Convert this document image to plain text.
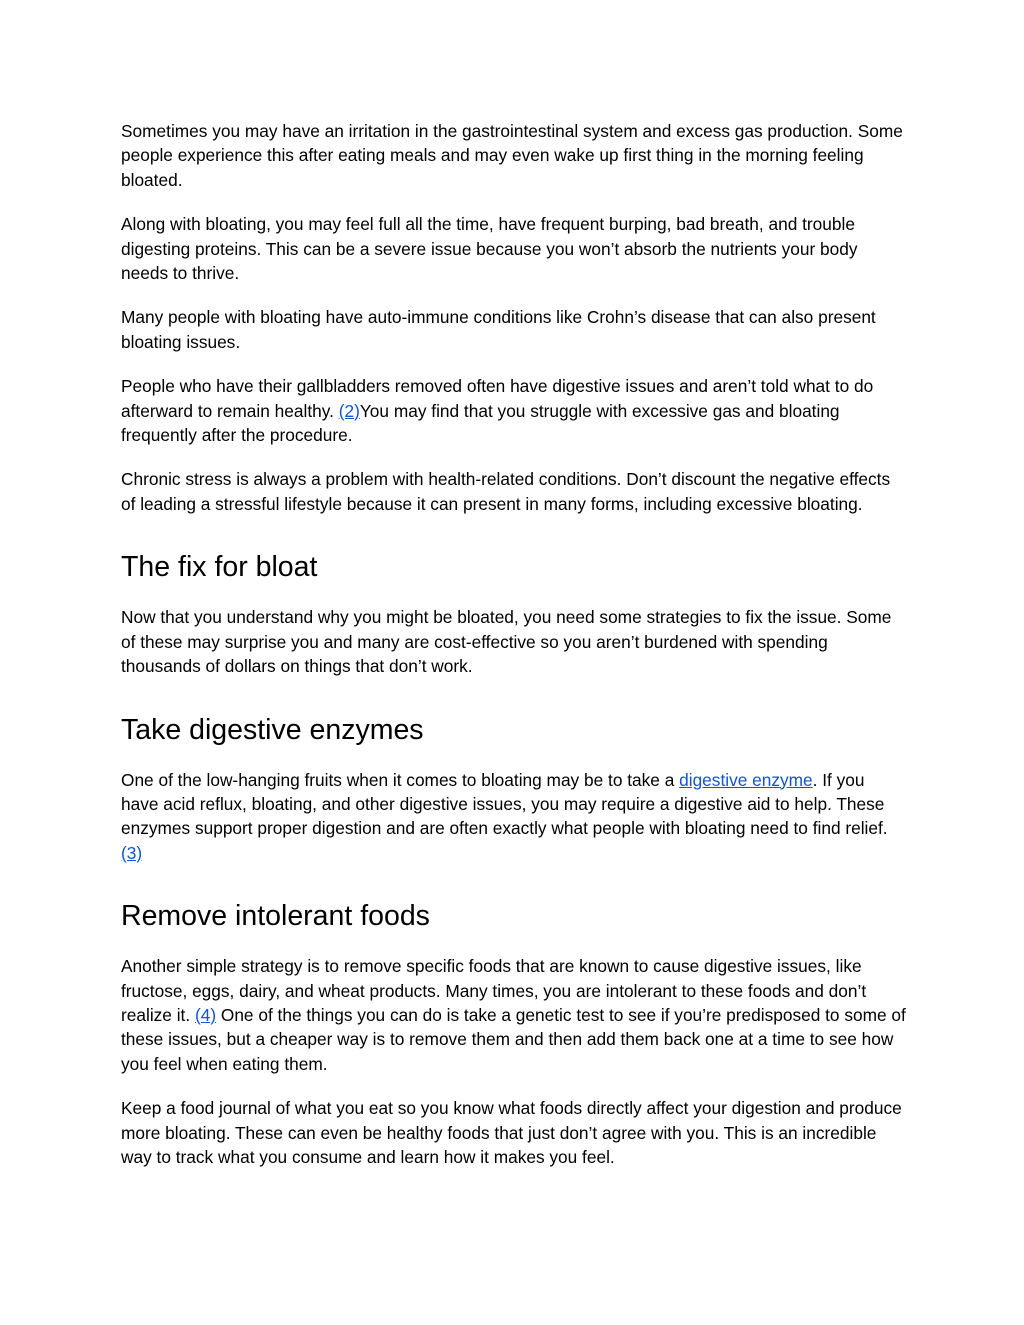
Sometimes you may have an irritation in the gastrointestinal system and excess gas production. Some people experience this after eating meals and may even wake up first thing in the morning feeling bloated.

Along with bloating, you may feel full all the time, have frequent burping, bad breath, and trouble digesting proteins. This can be a severe issue because you won’t absorb the nutrients your body needs to thrive.

Many people with bloating have auto-immune conditions like Crohn’s disease that can also present bloating issues.

People who have their gallbladders removed often have digestive issues and aren’t told what to do afterward to remain healthy. (2)You may find that you struggle with excessive gas and bloating frequently after the procedure.

Chronic stress is always a problem with health-related conditions. Don’t discount the negative effects of leading a stressful lifestyle because it can present in many forms, including excessive bloating.

The fix for bloat

Now that you understand why you might be bloated, you need some strategies to fix the issue. Some of these may surprise you and many are cost-effective so you aren’t burdened with spending thousands of dollars on things that don’t work.

Take digestive enzymes

One of the low-hanging fruits when it comes to bloating may be to take a digestive enzyme. If you have acid reflux, bloating, and other digestive issues, you may require a digestive aid to help. These enzymes support proper digestion and are often exactly what people with bloating need to find relief. (3)

Remove intolerant foods

Another simple strategy is to remove specific foods that are known to cause digestive issues, like fructose, eggs, dairy, and wheat products. Many times, you are intolerant to these foods and don’t realize it. (4) One of the things you can do is take a genetic test to see if you’re predisposed to some of these issues, but a cheaper way is to remove them and then add them back one at a time to see how you feel when eating them.

Keep a food journal of what you eat so you know what foods directly affect your digestion and produce more bloating. These can even be healthy foods that just don’t agree with you. This is an incredible way to track what you consume and learn how it makes you feel.
